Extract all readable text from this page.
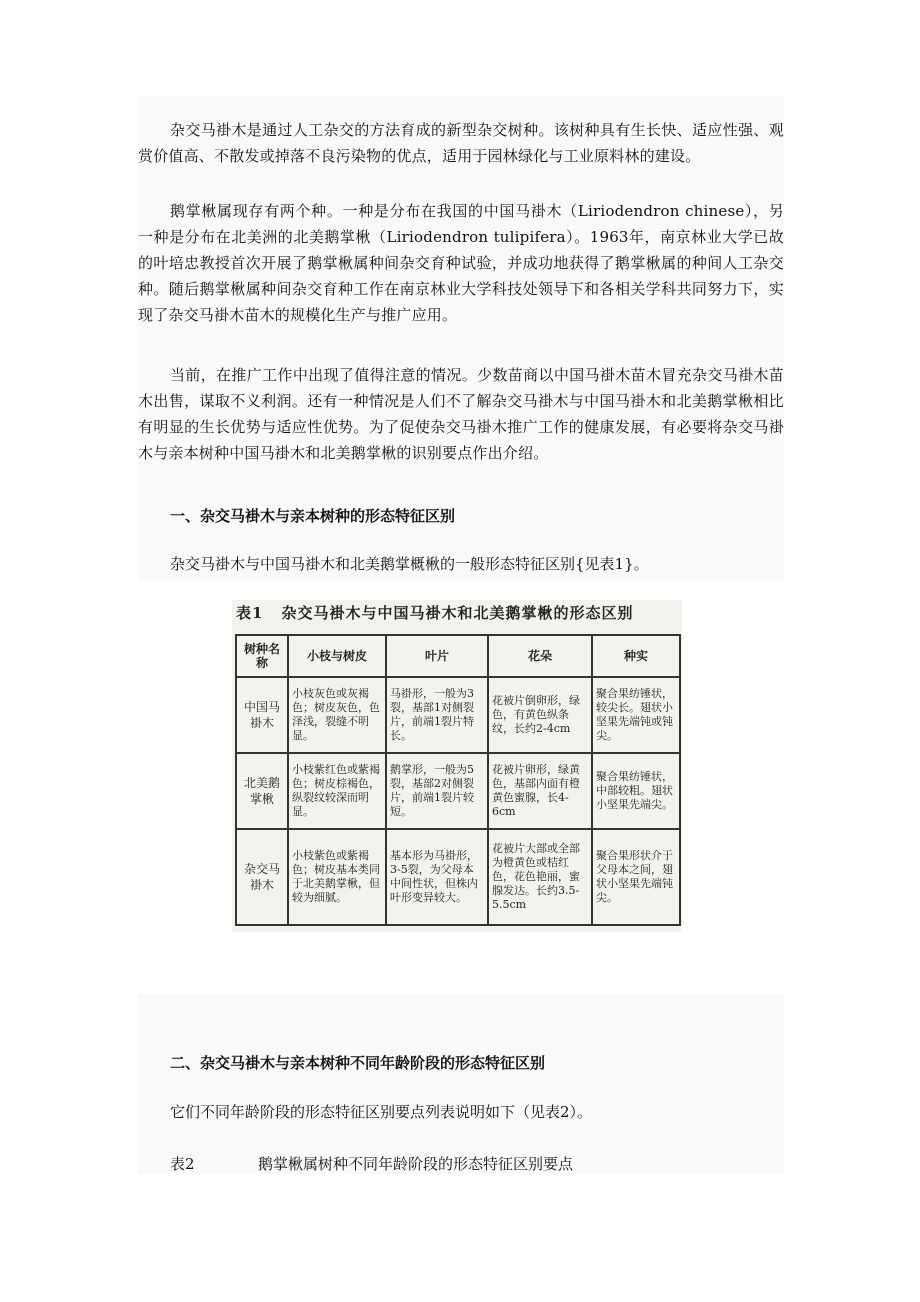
杂交马褂木是通过人工杂交的方法育成的新型杂交树种。该树种具有生长快、适应性强、观赏价值高、不散发或掉落不良污染物的优点，适用于园林绿化与工业原料林的建设。

鹅掌楸属现存有两个种。一种是分布在我国的中国马褂木（Liriodendron chinese），另一种是分布在北美洲的北美鹅掌楸（Liriodendron tulipifera）。1963年，南京林业大学已故的叶培忠教授首次开展了鹅掌楸属种间杂交育种试验，并成功地获得了鹅掌楸属的种间人工杂交种。随后鹅掌楸属种间杂交育种工作在南京林业大学科技处领导下和各相关学科共同努力下，实现了杂交马褂木苗木的规模化生产与推广应用。

当前，在推广工作中出现了值得注意的情况。少数苗商以中国马褂木苗木冒充杂交马褂木苗木出售，谋取不义利润。还有一种情况是人们不了解杂交马褂木与中国马褂木和北美鹅掌楸相比有明显的生长优势与适应性优势。为了促使杂交马褂木推广工作的健康发展，有必要将杂交马褂木与亲本树种中国马褂木和北美鹅掌楸的识别要点作出介绍。

一、杂交马褂木与亲本树种的形态特征区别

杂交马褂木与中国马褂木和北美鹅掌概楸的一般形态特征区别{见表1}。

表1 杂交马褂木与中国马褂木和北美鹅掌楸的形态区别
树种名称	小枝与树皮	叶片	花朵	种实
中国马褂木	小枝灰色或灰褐色；树皮灰色，色泽浅，裂缝不明显。	马褂形，一般为3裂，基部1对侧裂片，前端1裂片特长。	花被片倒卵形，绿色，有黄色纵条纹，长约2-4cm	聚合果纺锤状，较尖长。翅状小坚果先端钝或钝尖。
北美鹅掌楸	小枝紫红色或紫褐色；树皮棕褐色，纵裂纹较深而明显。	鹅掌形，一般为5裂，基部2对侧裂片，前端1裂片较短。	花被片卵形，绿黄色，基部内面有橙黄色蜜腺，长4-6cm	聚合果纺锤状，中部较粗。翅状小坚果先端尖。
杂交马褂木	小枝紫色或紫褐色；树皮基本类同于北美鹅掌楸，但较为细腻。	基本形为马褂形，3-5裂，为父母本中间性状，但株内叶形变异较大。	花被片大部或全部为橙黄色或桔红色，花色艳丽，蜜腺发达。长约3.5-5.5cm	聚合果形状介于父母本之间，翅状小坚果先端钝尖。
二、杂交马褂木与亲本树种不同年龄阶段的形态特征区别

它们不同年龄阶段的形态特征区别要点列表说明如下（见表2）。

表2	鹅掌楸属树种不同年龄阶段的形态特征区别要点
